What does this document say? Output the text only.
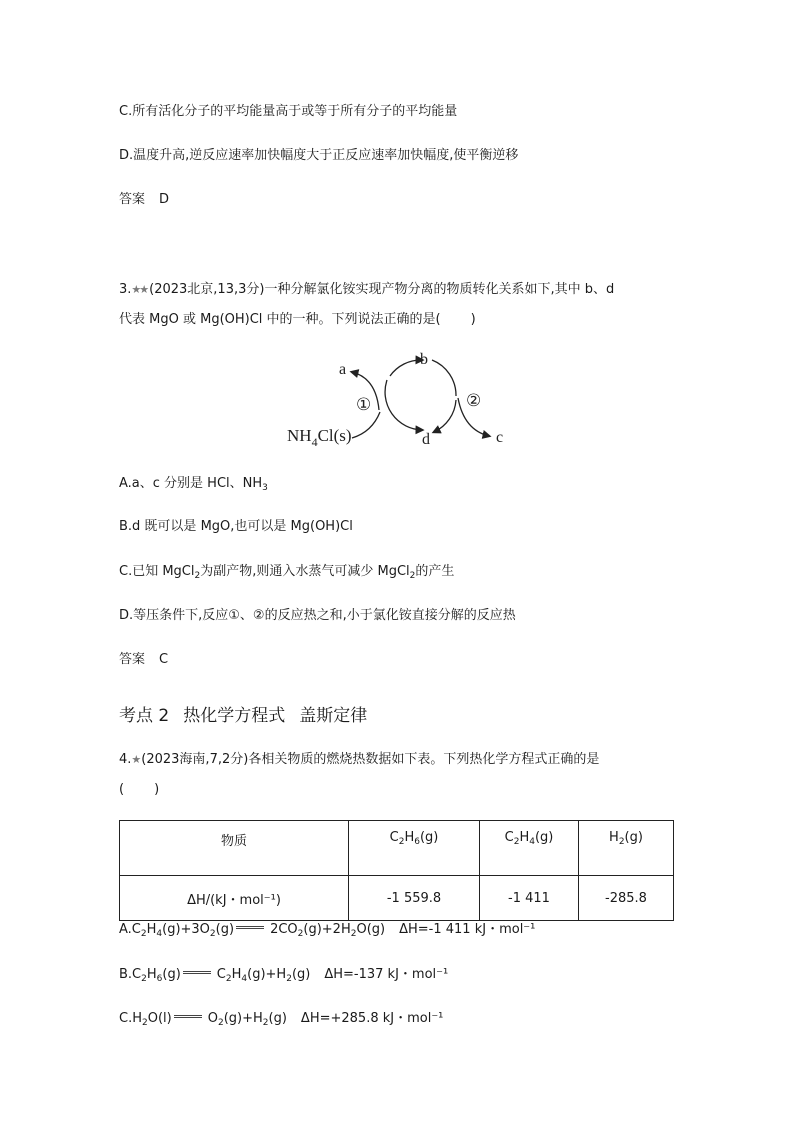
C.所有活化分子的平均能量高于或等于所有分子的平均能量
D.温度升高,逆反应速率加快幅度大于正反应速率加快幅度,使平衡逆移
答案 D
3.★★ (2023北京,13,3分)一种分解氯化铵实现产物分离的物质转化关系如下,其中 b、d
代表 MgO 或 Mg(OH)Cl 中的一种。下列说法正确的是( )
a
b
c
d
①	②
$NH_4Cl(s)$
A.a、c 分别是 HCl、$NH_3$
B.d 既可以是 MgO,也可以是 Mg(OH)Cl
C.已知 MgCl$_2$为副产物,则通入水蒸气可减少 MgCl$_2$的产生
D.等压条件下,反应①、②的反应热之和,小于氯化铵直接分解的反应热
答案 C
考点 2 热化学方程式 盖斯定律
4.★ (2023海南,7,2分)各相关物质的燃烧热数据如下表。下列热化学方程式正确的是
( )
物质	$C_2H_6(g)$	$C_2H_4(g)$	$H_2(g)$
ΔH/(kJ・mol⁻¹)	-1 559.8	-1 411	-285.8
$A.C_2H_4(g)+3O_2(g)$	$2CO_2(g)+2H_2O(g)$ ΔH=-1 411 kJ・mol⁻¹
$B.C_2H_6(g)$	$C_2H_4(g)+H_2(g)$ ΔH=-137 kJ・mol⁻¹
$C.H_2O(l)$	$O_2(g)+H_2(g)$ ΔH=+285.8 kJ・mol⁻¹
